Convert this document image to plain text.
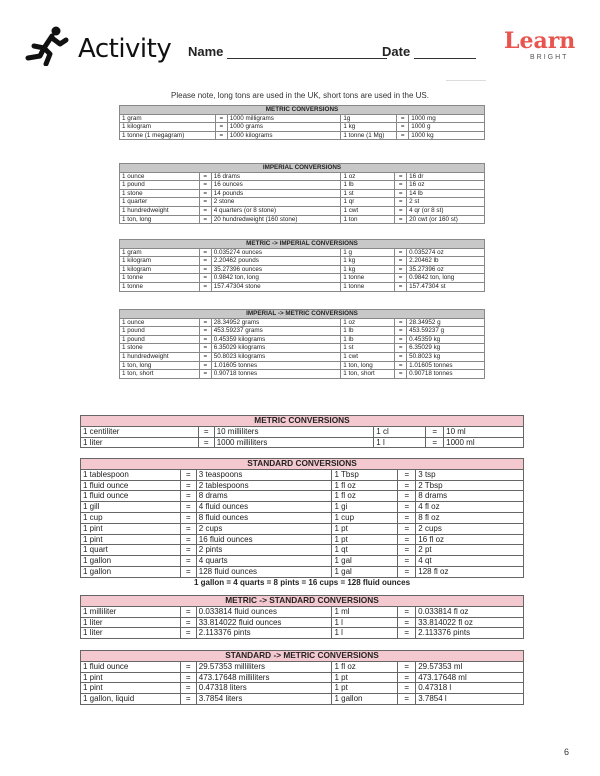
Activity Name	Date	Learn
BRIGHT
Please note, long tons are used in the UK, short tons are used in the US.
METRIC CONVERSIONS					
1 gram	=	1000 milligrams	1g	=	1000 mg
1 kilogram	=	1000 grams	1 kg	=	1000 g
1 tonne (1 megagram)	=	1000 kilograms	1 tonne (1 Mg)	=	1000 kg
IMPERIAL CONVERSIONS					
1 ounce	=	16 drams	1 oz	=	16 dr
1 pound	=	16 ounces	1 lb	=	16 oz
1 stone	=	14 pounds	1 st	=	14 lb
1 quarter	=	2 stone	1 qr	=	2 st
1 hundredweight	=	4 quarters (or 8 stone)	1 cwt	=	4 qr (or 8 st)
1 ton, long	=	20 hundredweight (160 stone)	1 ton	=	20 cwt (or 160 st)
METRIC -> IMPERIAL CONVERSIONS					
1 gram	=	0.035274 ounces	1 g	=	0.035274 oz
1 kilogram	=	2.20462 pounds	1 kg	=	2.20462 lb
1 kilogram	=	35.27396 ounces	1 kg	=	35.27396 oz
1 tonne	=	0.9842 ton, long	1 tonne	=	0.9842 ton, long
1 tonne	=	157.47304 stone	1 tonne	=	157.47304 st
IMPERIAL -> METRIC CONVERSIONS					
1 ounce	=	28.34952 grams	1 oz	=	28.34952 g
1 pound	=	453.59237 grams	1 lb	=	453.59237 g
1 pound	=	0.45359 kilograms	1 lb	=	0.45359 kg
1 stone	=	6.35029 kilograms	1 st	=	6.35029 kg
1 hundredweight	=	50.8023 kilograms	1 cwt	=	50.8023 kg
1 ton, long	=	1.01605 tonnes	1 ton, long	=	1.01605 tonnes
1 ton, short	=	0.90718 tonnes	1 ton, short	=	0.90718 tonnes
METRIC CONVERSIONS					
1 centiliter	=	10 milliliters	1 cl	=	10 ml
1 liter	=	1000 milliliters	1 l	=	1000 ml
STANDARD CONVERSIONS					
1 tablespoon	=	3 teaspoons	1 Tbsp	=	3 tsp
1 fluid ounce	=	2 tablespoons	1 fl oz	=	2 Tbsp
1 fluid ounce	=	8 drams	1 fl oz	=	8 drams
1 gill	=	4 fluid ounces	1 gi	=	4 fl oz
1 cup	=	8 fluid ounces	1 cup	=	8 fl oz
1 pint	=	2 cups	1 pt	=	2 cups
1 pint	=	16 fluid ounces	1 pt	=	16 fl oz
1 quart	=	2 pints	1 qt	=	2 pt
1 gallon	=	4 quarts	1 gal	=	4 qt
1 gallon	=	128 fluid ounces	1 gal	=	128 fl oz
1 gallon = 4 quarts = 8 pints = 16 cups = 128 fluid ounces					
METRIC -> STANDARD CONVERSIONS					
1 milliliter	=	0.033814 fluid ounces	1 ml	=	0.033814 fl oz
1 liter	=	33.814022 fluid ounces	1 l	=	33.814022 fl oz
1 liter	=	2.113376 pints	1 l	=	2.113376 pints
STANDARD -> METRIC CONVERSIONS					
1 fluid ounce	=	29.57353 milliliters	1 fl oz	=	29.57353 ml
1 pint	=	473.17648 milliliters	1 pt	=	473.17648 ml
1 pint	=	0.47318 liters	1 pt	=	0.47318 l
1 gallon, liquid	=	3.7854 liters	1 gallon	=	3.7854 l
6
